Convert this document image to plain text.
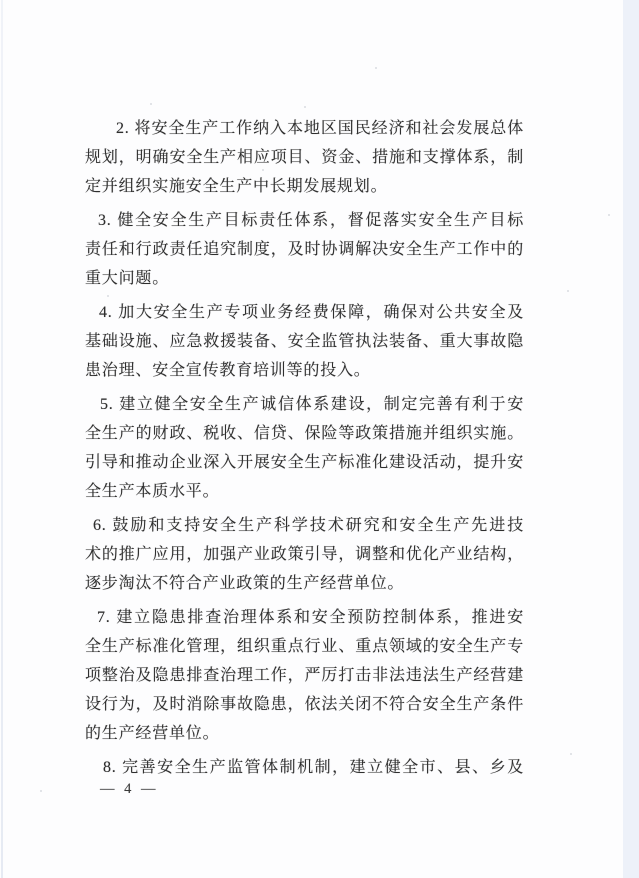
2. 将安全生产工作纳入本地区国民经济和社会发展总体
规划，明确安全生产相应项目、资金、措施和支撑体系，制
定并组织实施安全生产中长期发展规划。
3. 健全安全生产目标责任体系，督促落实安全生产目标
责任和行政责任追究制度，及时协调解决安全生产工作中的
重大问题。
4. 加大安全生产专项业务经费保障，确保对公共安全及
基础设施、应急救援装备、安全监管执法装备、重大事故隐
患治理、安全宣传教育培训等的投入。
5. 建立健全安全生产诚信体系建设，制定完善有利于安
全生产的财政、税收、信贷、保险等政策措施并组织实施。
引导和推动企业深入开展安全生产标准化建设活动，提升安
全生产本质水平。
6. 鼓励和支持安全生产科学技术研究和安全生产先进技
术的推广应用，加强产业政策引导，调整和优化产业结构，
逐步淘汰不符合产业政策的生产经营单位。
7. 建立隐患排查治理体系和安全预防控制体系，推进安
全生产标准化管理，组织重点行业、重点领域的安全生产专
项整治及隐患排查治理工作，严厉打击非法违法生产经营建
设行为，及时消除事故隐患，依法关闭不符合安全生产条件
的生产经营单位。
8. 完善安全生产监管体制机制，建立健全市、县、乡及
— 4 —
